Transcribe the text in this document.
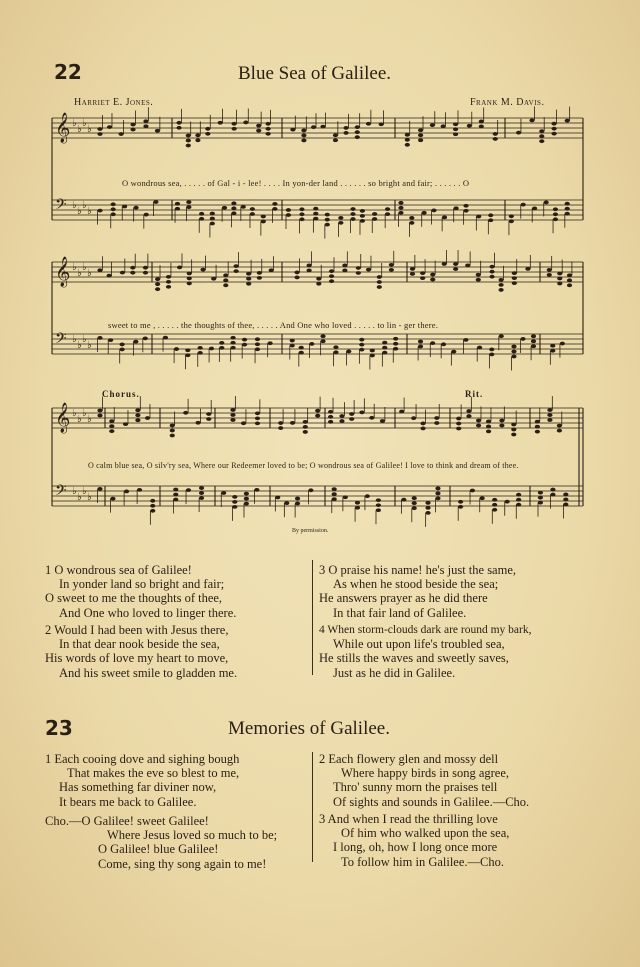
22	Blue Sea of Galilee.
Harriet E. Jones.	Frank M. Davis.
𝄞 ♭
♭
♭
♭
𝄢 ♭
♭
♭
♭
𝄞 ♭
♭
♭
♭
𝄢 ♭
♭
♭
♭
𝄞 ♭
♭
♭
♭
𝄢 ♭
♭
♭
♭
O wondrous sea, . . . . . of Gal - i - lee! . . . . In yon-der land . . . . . . so bright and fair; . . . . . . O
sweet to me , . . . . . the thoughts of thee, . . . . . And One who loved . . . . . to lin - ger there.
Chorus.	Rit.
O calm blue sea, O silv'ry sea, Where our Redeemer loved to be; O wondrous sea of Galilee! I love to think and dream of thee.
By permission.
1 O wondrous sea of Galilee!
In yonder land so bright and fair;
O sweet to me the thoughts of thee,
And One who loved to linger there.
2 Would I had been with Jesus there,
In that dear nook beside the sea,
His words of love my heart to move,
And his sweet smile to gladden me.
3 O praise his name! he's just the same,
As when he stood beside the sea;
He answers prayer as he did there
In that fair land of Galilee.
4 When storm-clouds dark are round my bark,
While out upon life's troubled sea,
He stills the waves and sweetly saves,
Just as he did in Galilee.
23	Memories of Galilee.
1 Each cooing dove and sighing bough
That makes the eve so blest to me,
Has something far diviner now,
It bears me back to Galilee.
Cho.—O Galilee! sweet Galilee!
Where Jesus loved so much to be;
O Galilee! blue Galilee!
Come, sing thy song again to me!
2 Each flowery glen and mossy dell
Where happy birds in song agree,
Thro' sunny morn the praises tell
Of sights and sounds in Galilee.—Cho.
3 And when I read the thrilling love
Of him who walked upon the sea,
I long, oh, how I long once more
To follow him in Galilee.—Cho.
